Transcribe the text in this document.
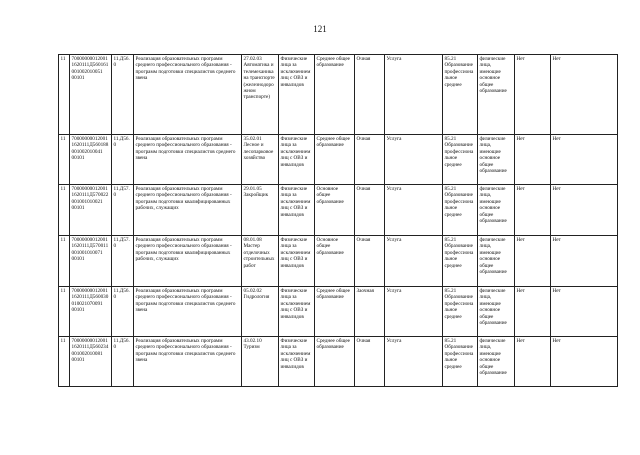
121
11	700000000120011620111Д560161001002010051 00101	11.Д56.0	Реализация образовательных программ среднего профессионального образования - программ подготовки специалистов среднего звена	27.02.03 Автоматика и телемеханика на транспорте (железнодорожном транспорте)	Физические лица за исключением лиц с ОВЗ и инвалидов	Среднее общее образование	Очная	Услуга	85.21 Образование профессиональное среднее	физические лица, имеющие основное общее образование	Нет	Нет
11	700000000120011620111Д560188001002010041 00101	11.Д56.0	Реализация образовательных программ среднего профессионального образования - программ подготовки специалистов среднего звена	35.02.01 Лесное и лесопарковое хозяйство	Физические лица за исключением лиц с ОВЗ и инвалидов	Среднее общее образование	Очная	Услуга	85.21 Образование профессиональное среднее	физические лица, имеющие основное общее образование	Нет	Нет
11	700000000120011620111Д570022001001010021 00101	11.Д57.0	Реализация образовательных программ среднего профессионального образования - программ подготовки квалифицированных рабочих, служащих	29.01.05 Закройщик	Физические лица за исключением лиц с ОВЗ и инвалидов	Основное общее образование	Очная	Услуга	85.21 Образование профессиональное среднее	физические лица, имеющие основное общее образование	Нет	Нет
11	700000000120011620111Д570011001001010071 00101	11.Д57.0	Реализация образовательных программ среднего профессионального образования - программ подготовки квалифицированных рабочих, служащих	08.01.08 Мастер отделочных строительных работ	Физические лица за исключением лиц с ОВЗ и инвалидов	Основное общее образование	Очная	Услуга	85.21 Образование профессиональное среднее	физические лица, имеющие основное общее образование	Нет	Нет
11	700000000120011620111Д560030010021070091 00101	11.Д56.0	Реализация образовательных программ среднего профессионального образования - программ подготовки специалистов среднего звена	05.02.02 Гидрология	Физические лица за исключением лиц с ОВЗ и инвалидов	Среднее общее образование	Заочная	Услуга	85.21 Образование профессиональное среднее	физические лица, имеющие основное общее образование	Нет	Нет
11	700000000120011620111Д560234001002010081 00101	11.Д56.0	Реализация образовательных программ среднего профессионального образования - программ подготовки специалистов среднего звена	43.02.10 Туризм	Физические лица за исключением лиц с ОВЗ и инвалидов	Среднее общее образование	Очная	Услуга	85.21 Образование профессиональное среднее	физические лица, имеющие основное общее образование	Нет	Нет
